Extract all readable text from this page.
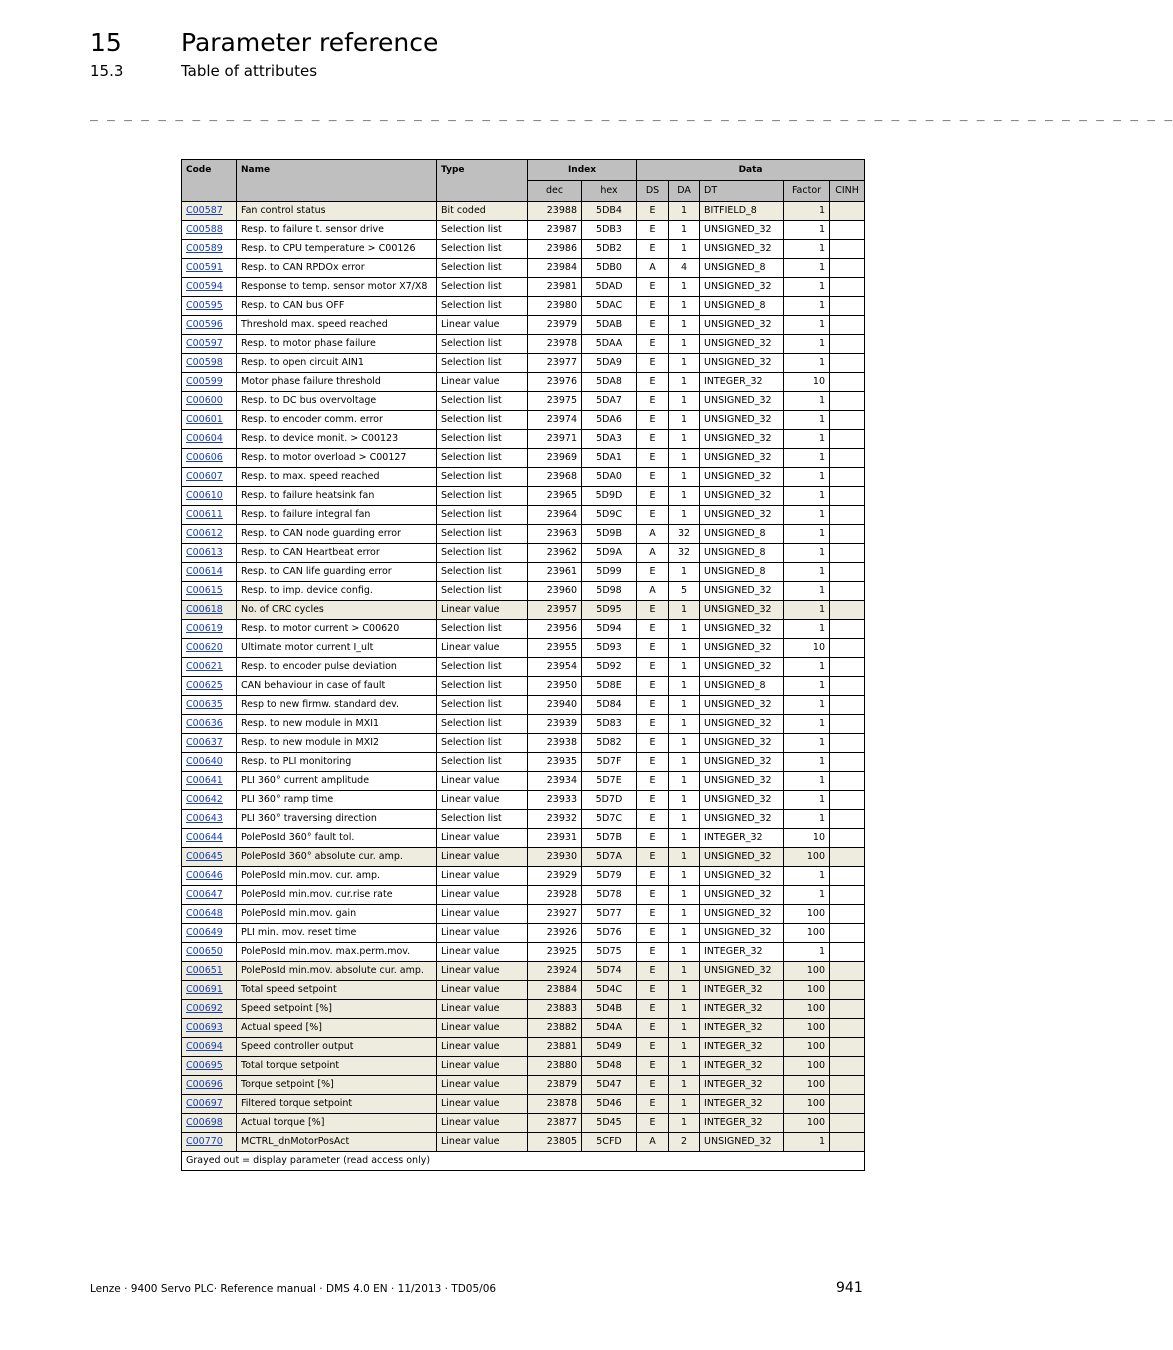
15 Parameter reference
15.3	Table of attributes
_ _ _ _ _ _ _ _ _ _ _ _ _ _ _ _ _ _ _ _ _ _ _ _ _ _ _ _ _ _ _ _ _ _ _ _ _ _ _ _ _ _ _ _ _ _ _ _ _ _ _ _ _ _ _ _ _ _ _ _ _ _ _ _
Code	Name	Type	Index		Data				
			dec	hex	DS	DA	DT	Factor	CINH
C00587	Fan control status	Bit coded	23988	5DB4	E	1	BITFIELD_8	1	
C00588	Resp. to failure t. sensor drive	Selection list	23987	5DB3	E	1	UNSIGNED_32	1	
C00589	Resp. to CPU temperature > C00126	Selection list	23986	5DB2	E	1	UNSIGNED_32	1	
C00591	Resp. to CAN RPDOx error	Selection list	23984	5DB0	A	4	UNSIGNED_8	1	
C00594	Response to temp. sensor motor X7/X8	Selection list	23981	5DAD	E	1	UNSIGNED_32	1	
C00595	Resp. to CAN bus OFF	Selection list	23980	5DAC	E	1	UNSIGNED_8	1	
C00596	Threshold max. speed reached	Linear value	23979	5DAB	E	1	UNSIGNED_32	1	
C00597	Resp. to motor phase failure	Selection list	23978	5DAA	E	1	UNSIGNED_32	1	
C00598	Resp. to open circuit AIN1	Selection list	23977	5DA9	E	1	UNSIGNED_32	1	
C00599	Motor phase failure threshold	Linear value	23976	5DA8	E	1	INTEGER_32	10	
C00600	Resp. to DC bus overvoltage	Selection list	23975	5DA7	E	1	UNSIGNED_32	1	
C00601	Resp. to encoder comm. error	Selection list	23974	5DA6	E	1	UNSIGNED_32	1	
C00604	Resp. to device monit. > C00123	Selection list	23971	5DA3	E	1	UNSIGNED_32	1	
C00606	Resp. to motor overload > C00127	Selection list	23969	5DA1	E	1	UNSIGNED_32	1	
C00607	Resp. to max. speed reached	Selection list	23968	5DA0	E	1	UNSIGNED_32	1	
C00610	Resp. to failure heatsink fan	Selection list	23965	5D9D	E	1	UNSIGNED_32	1	
C00611	Resp. to failure integral fan	Selection list	23964	5D9C	E	1	UNSIGNED_32	1	
C00612	Resp. to CAN node guarding error	Selection list	23963	5D9B	A	32	UNSIGNED_8	1	
C00613	Resp. to CAN Heartbeat error	Selection list	23962	5D9A	A	32	UNSIGNED_8	1	
C00614	Resp. to CAN life guarding error	Selection list	23961	5D99	E	1	UNSIGNED_8	1	
C00615	Resp. to imp. device config.	Selection list	23960	5D98	A	5	UNSIGNED_32	1	
C00618	No. of CRC cycles	Linear value	23957	5D95	E	1	UNSIGNED_32	1	
C00619	Resp. to motor current > C00620	Selection list	23956	5D94	E	1	UNSIGNED_32	1	
C00620	Ultimate motor current I_ult	Linear value	23955	5D93	E	1	UNSIGNED_32	10	
C00621	Resp. to encoder pulse deviation	Selection list	23954	5D92	E	1	UNSIGNED_32	1	
C00625	CAN behaviour in case of fault	Selection list	23950	5D8E	E	1	UNSIGNED_8	1	
C00635	Resp to new firmw. standard dev.	Selection list	23940	5D84	E	1	UNSIGNED_32	1	
C00636	Resp. to new module in MXI1	Selection list	23939	5D83	E	1	UNSIGNED_32	1	
C00637	Resp. to new module in MXI2	Selection list	23938	5D82	E	1	UNSIGNED_32	1	
C00640	Resp. to PLI monitoring	Selection list	23935	5D7F	E	1	UNSIGNED_32	1	
C00641	PLI 360° current amplitude	Linear value	23934	5D7E	E	1	UNSIGNED_32	1	
C00642	PLI 360° ramp time	Linear value	23933	5D7D	E	1	UNSIGNED_32	1	
C00643	PLI 360° traversing direction	Selection list	23932	5D7C	E	1	UNSIGNED_32	1	
C00644	PolePosId 360° fault tol.	Linear value	23931	5D7B	E	1	INTEGER_32	10	
C00645	PolePosId 360° absolute cur. amp.	Linear value	23930	5D7A	E	1	UNSIGNED_32	100	
C00646	PolePosId min.mov. cur. amp.	Linear value	23929	5D79	E	1	UNSIGNED_32	1	
C00647	PolePosId min.mov. cur.rise rate	Linear value	23928	5D78	E	1	UNSIGNED_32	1	
C00648	PolePosId min.mov. gain	Linear value	23927	5D77	E	1	UNSIGNED_32	100	
C00649	PLI min. mov. reset time	Linear value	23926	5D76	E	1	UNSIGNED_32	100	
C00650	PolePosId min.mov. max.perm.mov.	Linear value	23925	5D75	E	1	INTEGER_32	1	
C00651	PolePosId min.mov. absolute cur. amp.	Linear value	23924	5D74	E	1	UNSIGNED_32	100	
C00691	Total speed setpoint	Linear value	23884	5D4C	E	1	INTEGER_32	100	
C00692	Speed setpoint [%]	Linear value	23883	5D4B	E	1	INTEGER_32	100	
C00693	Actual speed [%]	Linear value	23882	5D4A	E	1	INTEGER_32	100	
C00694	Speed controller output	Linear value	23881	5D49	E	1	INTEGER_32	100	
C00695	Total torque setpoint	Linear value	23880	5D48	E	1	INTEGER_32	100	
C00696	Torque setpoint [%]	Linear value	23879	5D47	E	1	INTEGER_32	100	
C00697	Filtered torque setpoint	Linear value	23878	5D46	E	1	INTEGER_32	100	
C00698	Actual torque [%]	Linear value	23877	5D45	E	1	INTEGER_32	100	
C00770	MCTRL_dnMotorPosAct	Linear value	23805	5CFD	A	2	UNSIGNED_32	1	
Grayed out = display parameter (read access only)									
Lenze · 9400 Servo PLC· Reference manual · DMS 4.0 EN · 11/2013 · TD05/06	941
